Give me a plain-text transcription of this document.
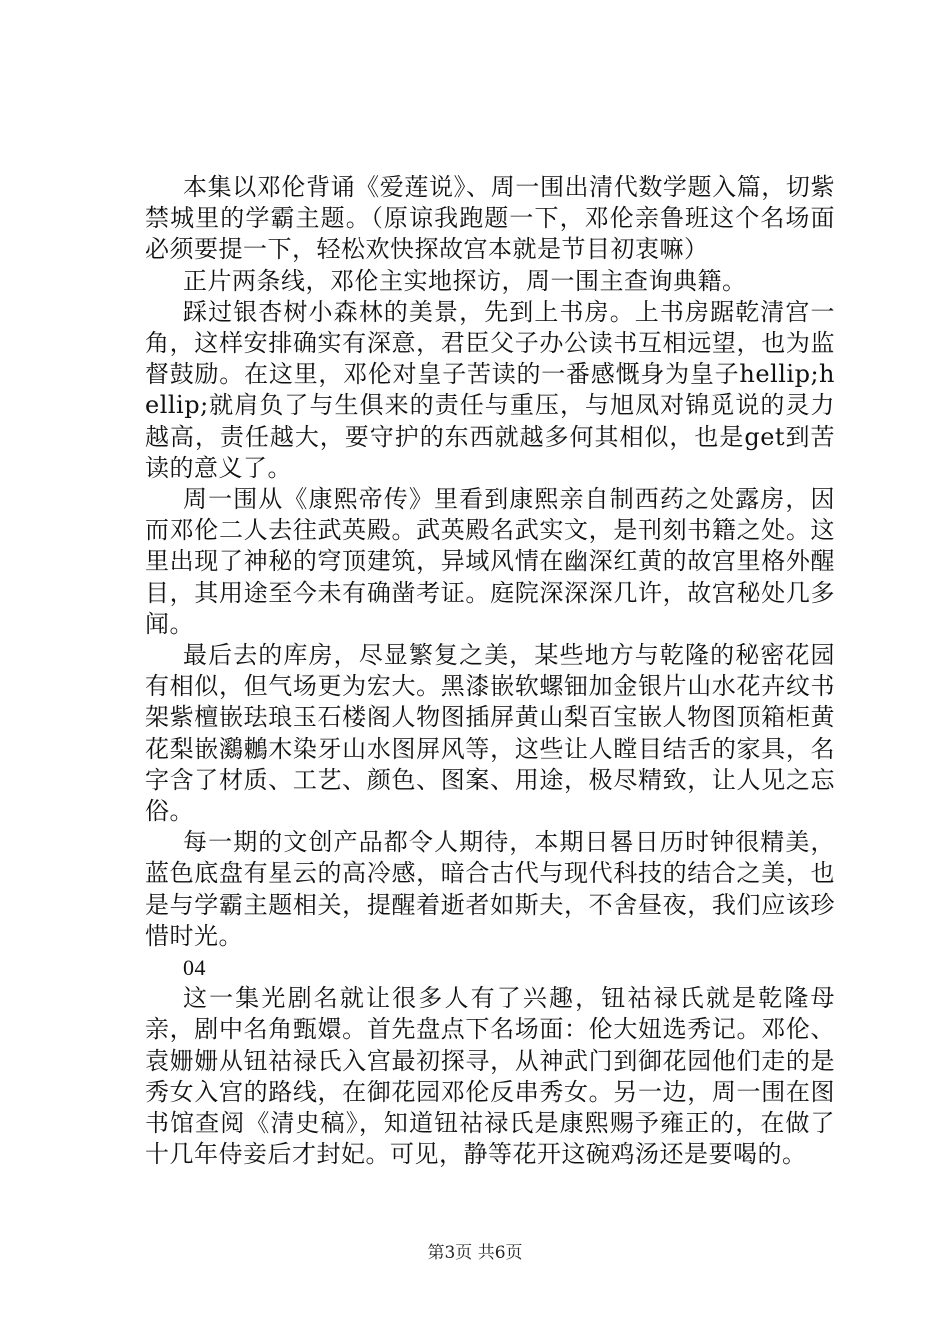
本集以邓伦背诵《爱莲说》、周一围出清代数学题入篇，切紫禁城里的学霸主题。（原谅我跑题一下，邓伦亲鲁班这个名场面必须要提一下，轻松欢快探故宫本就是节目初衷嘛）

正片两条线，邓伦主实地探访，周一围主查询典籍。

踩过银杏树小森林的美景，先到上书房。上书房踞乾清宫一角，这样安排确实有深意，君臣父子办公读书互相远望，也为监督鼓励。在这里，邓伦对皇子苦读的一番感慨身为皇子hellip;hellip;就肩负了与生俱来的责任与重压，与旭凤对锦觅说的灵力越高，责任越大，要守护的东西就越多何其相似，也是get到苦读的意义了。

周一围从《康熙帝传》里看到康熙亲自制西药之处露房，因而邓伦二人去往武英殿。武英殿名武实文，是刊刻书籍之处。这里出现了神秘的穹顶建筑，异域风情在幽深红黄的故宫里格外醒目，其用途至今未有确凿考证。庭院深深深几许，故宫秘处几多闻。

最后去的库房，尽显繁复之美，某些地方与乾隆的秘密花园有相似，但气场更为宏大。黑漆嵌软螺钿加金银片山水花卉纹书架紫檀嵌珐琅玉石楼阁人物图插屏黄山梨百宝嵌人物图顶箱柜黄花梨嵌鸂鶒木染牙山水图屏风等，这些让人瞠目结舌的家具，名字含了材质、工艺、颜色、图案、用途，极尽精致，让人见之忘俗。

每一期的文创产品都令人期待，本期日晷日历时钟很精美，蓝色底盘有星云的高冷感，暗合古代与现代科技的结合之美，也是与学霸主题相关，提醒着逝者如斯夫，不舍昼夜，我们应该珍惜时光。

04

这一集光剧名就让很多人有了兴趣，钮祜禄氏就是乾隆母亲，剧中名角甄嬛。首先盘点下名场面：伦大妞选秀记。邓伦、袁姗姗从钮祜禄氏入宫最初探寻，从神武门到御花园他们走的是秀女入宫的路线，在御花园邓伦反串秀女。另一边，周一围在图书馆查阅《清史稿》，知道钮祜禄氏是康熙赐予雍正的，在做了十几年侍妾后才封妃。可见，静等花开这碗鸡汤还是要喝的。

第3页 共6页
